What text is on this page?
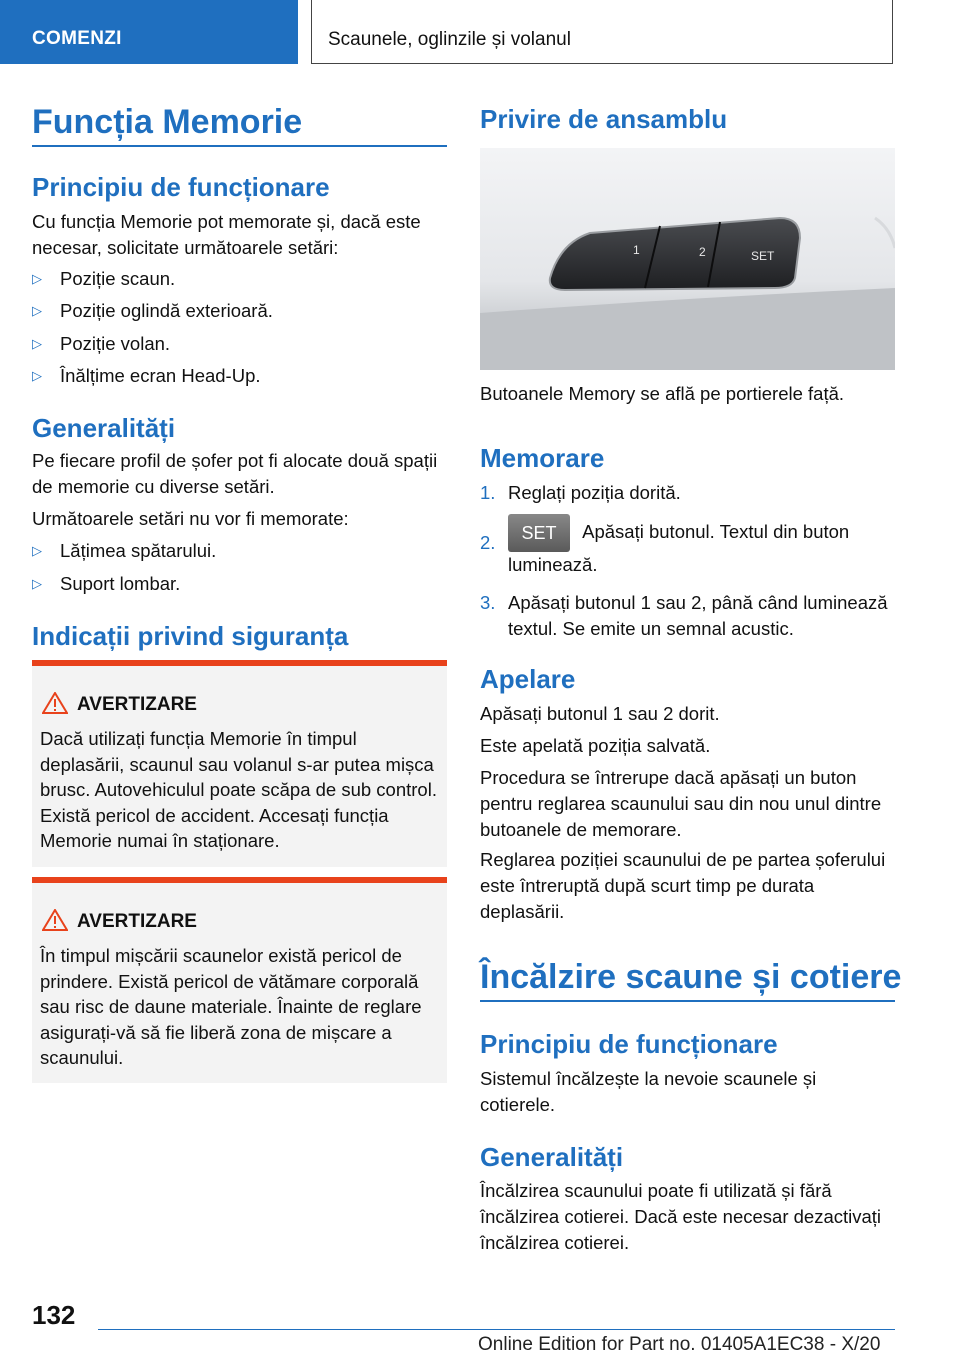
COMENZI	Scaunele, oglinzile și volanul
Funcția Memorie
Principiu de funcționare

Cu funcția Memorie pot memorate și, dacă este necesar, solicitate următoarele setări:

▷ Poziție scaun.
▷ Poziție oglindă exterioară.
▷ Poziție volan.
▷ Înălțime ecran Head-Up.
Generalități

Pe fiecare profil de șofer pot fi alocate două spații de memorie cu diverse setări.

Următoarele setări nu vor fi memorate:

▷ Lățimea spătarului.
▷ Suport lombar.
Indicații privind siguranța
AVERTIZARE
Dacă utilizați funcția Memorie în timpul deplasării, scaunul sau volanul s-ar putea mișca brusc. Autovehiculul poate scăpa de sub control. Există pericol de accident. Accesați funcția Memorie numai în staționare.
AVERTIZARE
În timpul mișcării scaunelor există pericol de prindere. Există pericol de vătămare corporală sau risc de daune materiale. Înainte de reglare asigurați-vă să fie liberă zona de mișcare a scaunului.
Privire de ansamblu
1	2	SET

Butoanele Memory se află pe portierele față.

Memorare
1. Reglați poziția dorită.
2. SET Apăsați butonul. Textul din buton luminează.
3. Apăsați butonul 1 sau 2, până când luminează textul. Se emite un semnal acustic.
Apelare

Apăsați butonul 1 sau 2 dorit.

Este apelată poziția salvată.

Procedura se întrerupe dacă apăsați un buton pentru reglarea scaunului sau din nou unul dintre butoanele de memorare.

Reglarea poziției scaunului de pe partea șoferului este întreruptă după scurt timp pe durata deplasării.

Încălzire scaune și cotiere
Principiu de funcționare

Sistemul încălzește la nevoie scaunele și cotierele.

Generalități

Încălzirea scaunului poate fi utilizată și fără încălzirea cotierei. Dacă este necesar dezactivați încălzirea cotierei.

132
Online Edition for Part no. 01405A1EC38 - X/20
